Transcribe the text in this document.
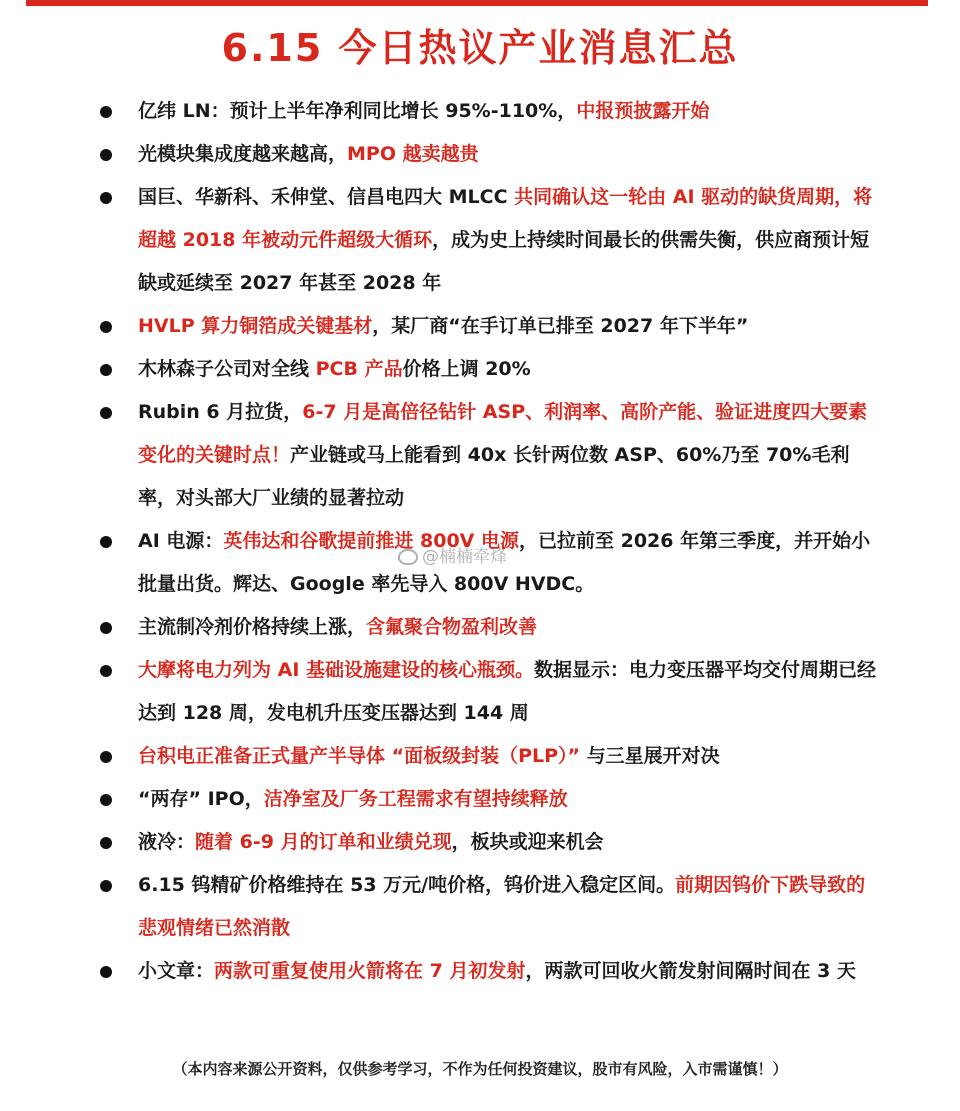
6.15 今日热议产业消息汇总
亿纬 LN：预计上半年净利同比增长 95%-110%，中报预披露开始
光模块集成度越来越高，MPO 越卖越贵
国巨、华新科、禾伸堂、信昌电四大 MLCC 共同确认这一轮由 AI 驱动的缺货周期，将超越 2018 年被动元件超级大循环，成为史上持续时间最长的供需失衡，供应商预计短缺或延续至 2027 年甚至 2028 年
HVLP 算力铜箔成关键基材，某厂商“在手订单已排至 2027 年下半年”
木林森子公司对全线 PCB 产品价格上调 20%
Rubin 6 月拉货，6-7 月是高倍径钻针 ASP、利润率、高阶产能、验证进度四大要素变化的关键时点！产业链或马上能看到 40x 长针两位数 ASP、60%乃至 70%毛利率，对头部大厂业绩的显著拉动
AI 电源：英伟达和谷歌提前推进 800V 电源，已拉前至 2026 年第三季度，并开始小批量出货。辉达、Google 率先导入 800V HVDC。
主流制冷剂价格持续上涨，含氟聚合物盈利改善
大摩将电力列为 AI 基础设施建设的核心瓶颈。数据显示：电力变压器平均交付周期已经达到 128 周，发电机升压变压器达到 144 周
台积电正准备正式量产半导体 “面板级封装（PLP）” 与三星展开对决
“两存” IPO，洁净室及厂务工程需求有望持续释放
液冷：随着 6-9 月的订单和业绩兑现，板块或迎来机会
6.15 钨精矿价格维持在 53 万元/吨价格，钨价进入稳定区间。前期因钨价下跌导致的悲观情绪已然消散
小文章：两款可重复使用火箭将在 7 月初发射，两款可回收火箭发射间隔时间在 3 天
@楠楠牵烽
（本内容来源公开资料，仅供参考学习，不作为任何投资建议，股市有风险，入市需谨慎！）
